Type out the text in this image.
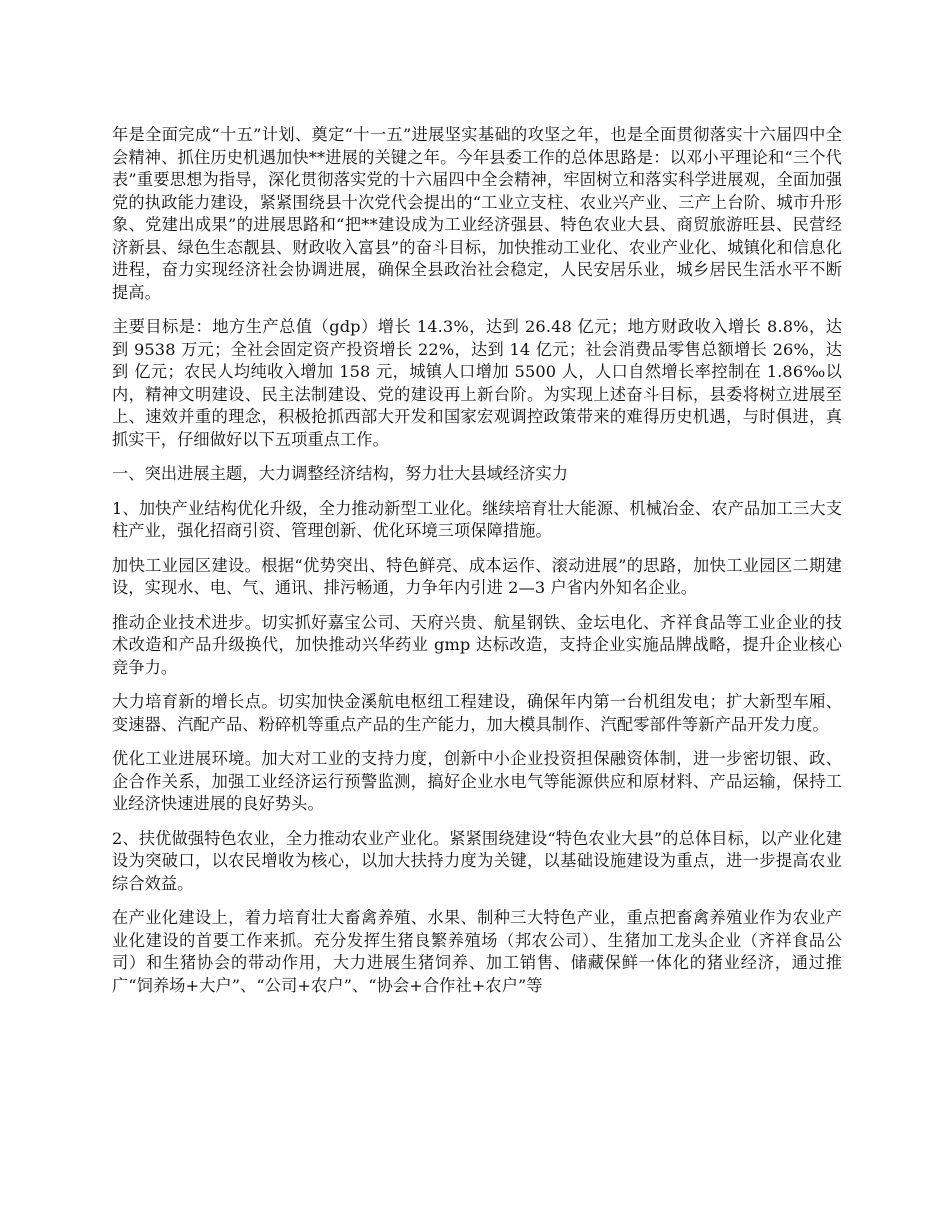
年是全面完成“十五”计划、奠定“十一五”进展坚实基础的攻坚之年，也是全面贯彻落实十六届四中全会精神、抓住历史机遇加快**进展的关键之年。今年县委工作的总体思路是：以邓小平理论和“三个代表”重要思想为指导，深化贯彻落实党的十六届四中全会精神，牢固树立和落实科学进展观，全面加强党的执政能力建设，紧紧围绕县十次党代会提出的“工业立支柱、农业兴产业、三产上台阶、城市升形象、党建出成果”的进展思路和“把**建设成为工业经济强县、特色农业大县、商贸旅游旺县、民营经济新县、绿色生态靓县、财政收入富县”的奋斗目标，加快推动工业化、农业产业化、城镇化和信息化进程，奋力实现经济社会协调进展，确保全县政治社会稳定，人民安居乐业，城乡居民生活水平不断提高。

主要目标是：地方生产总值（gdp）增长 14.3%，达到 26.48 亿元；地方财政收入增长 8.8%，达到 9538 万元；全社会固定资产投资增长 22%，达到 14 亿元；社会消费品零售总额增长 26%，达到 亿元；农民人均纯收入增加 158 元，城镇人口增加 5500 人，人口自然增长率控制在 1.86‰以内，精神文明建设、民主法制建设、党的建设再上新台阶。为实现上述奋斗目标，县委将树立进展至上、速效并重的理念，积极抢抓西部大开发和国家宏观调控政策带来的难得历史机遇，与时俱进，真抓实干，仔细做好以下五项重点工作。

一、突出进展主题，大力调整经济结构，努力壮大县域经济实力

1、加快产业结构优化升级，全力推动新型工业化。继续培育壮大能源、机械冶金、农产品加工三大支柱产业，强化招商引资、管理创新、优化环境三项保障措施。

加快工业园区建设。根据“优势突出、特色鲜亮、成本运作、滚动进展”的思路，加快工业园区二期建设，实现水、电、气、通讯、排污畅通，力争年内引进 2—3 户省内外知名企业。

推动企业技术进步。切实抓好嘉宝公司、天府兴贵、航星钢铁、金坛电化、齐祥食品等工业企业的技术改造和产品升级换代，加快推动兴华药业 gmp 达标改造，支持企业实施品牌战略，提升企业核心竞争力。

大力培育新的增长点。切实加快金溪航电枢纽工程建设，确保年内第一台机组发电；扩大新型车厢、变速器、汽配产品、粉碎机等重点产品的生产能力，加大模具制作、汽配零部件等新产品开发力度。

优化工业进展环境。加大对工业的支持力度，创新中小企业投资担保融资体制，进一步密切银、政、企合作关系，加强工业经济运行预警监测，搞好企业水电气等能源供应和原材料、产品运输，保持工业经济快速进展的良好势头。

2、扶优做强特色农业，全力推动农业产业化。紧紧围绕建设“特色农业大县”的总体目标，以产业化建设为突破口，以农民增收为核心，以加大扶持力度为关键，以基础设施建设为重点，进一步提高农业综合效益。

在产业化建设上，着力培育壮大畜禽养殖、水果、制种三大特色产业，重点把畜禽养殖业作为农业产业化建设的首要工作来抓。充分发挥生猪良繁养殖场（邦农公司）、生猪加工龙头企业（齐祥食品公司）和生猪协会的带动作用，大力进展生猪饲养、加工销售、储藏保鲜一体化的猪业经济，通过推广“饲养场+大户”、“公司+农户”、“协会+合作社+农户”等
